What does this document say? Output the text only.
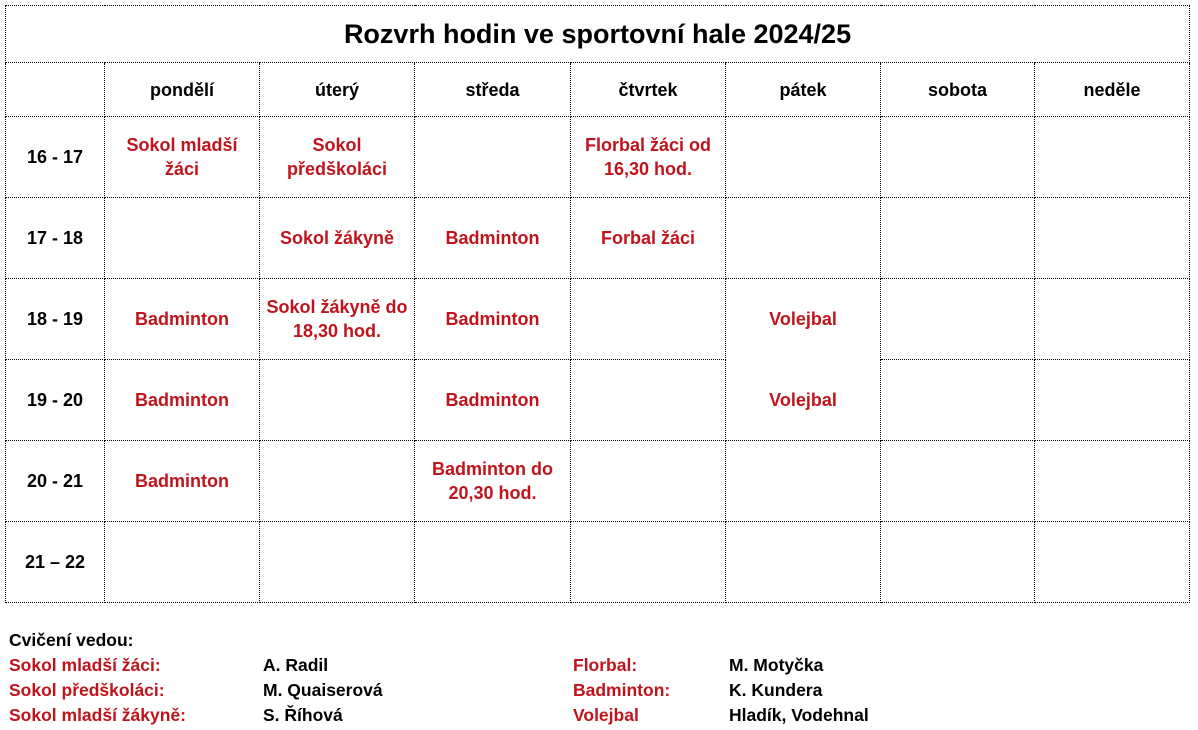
Rozvrh hodin ve sportovní hale 2024/25							
	pondělí	úterý	středa	čtvrtek	pátek	sobota	neděle
16 - 17	Sokol mladší žáci	Sokol předškoláci		Florbal žáci od 16,30 hod.			
17 - 18		Sokol žákyně	Badminton	Forbal žáci			
18 - 19	Badminton	Sokol žákyně do 18,30 hod.	Badminton		Volejbal		
19 - 20	Badminton		Badminton		Volejbal		
20 - 21	Badminton		Badminton do 20,30 hod.				
21 – 22							
Cvičení vedou:
Sokol mladší žáci:	A. Radil
Sokol předškoláci:	M. Quaiserová
Sokol mladší žákyně:	S. Říhová
Florbal:	M. Motyčka
Badminton:	K. Kundera
Volejbal	Hladík, Vodehnal
